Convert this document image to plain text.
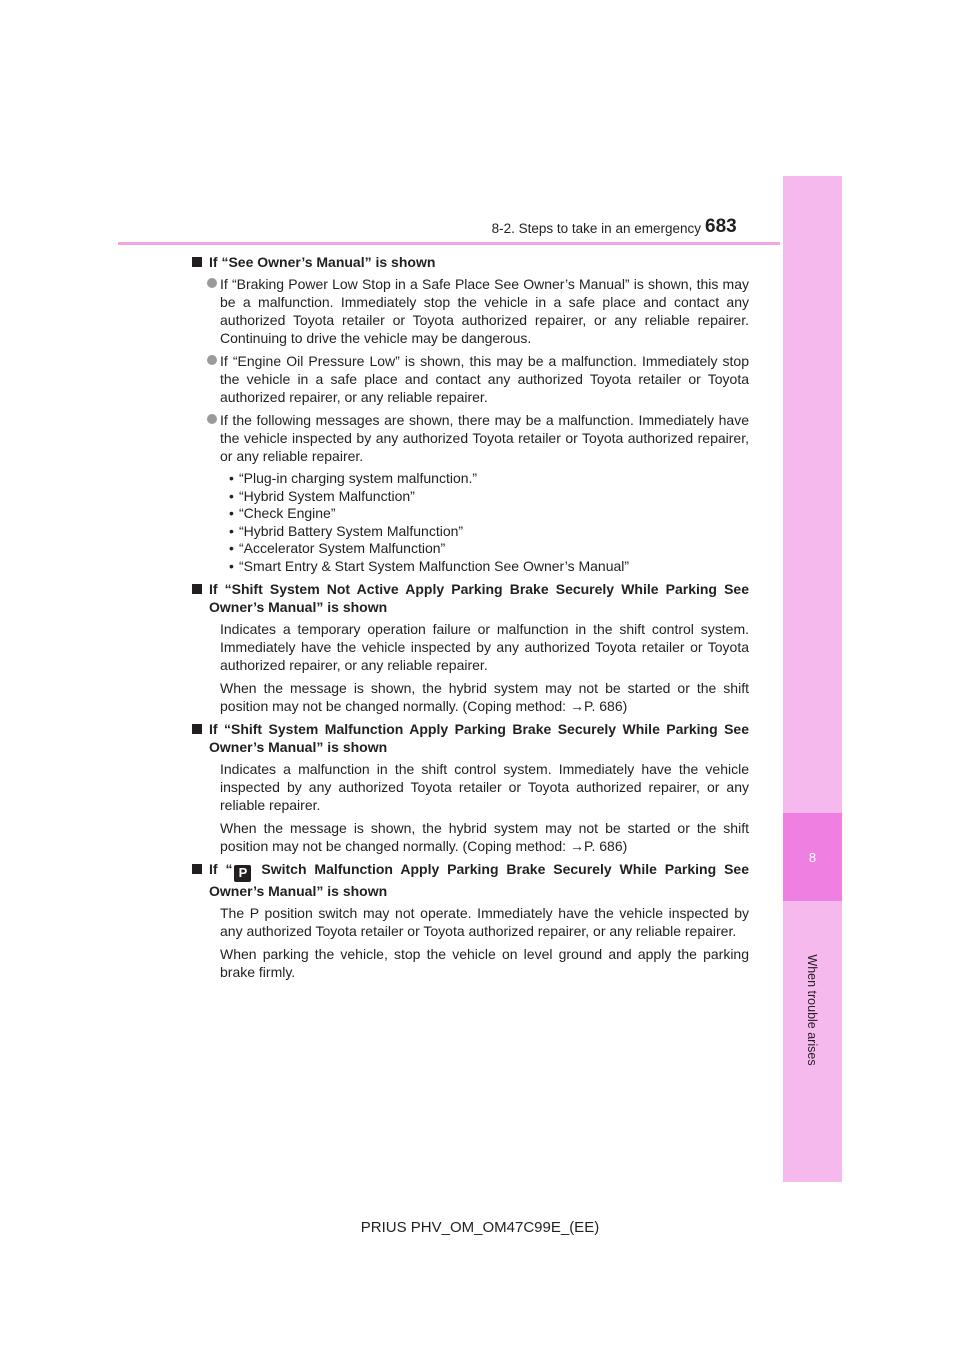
8
When trouble arises
8-2. Steps to take in an emergency 683
If “See Owner’s Manual” is shown
If “Braking Power Low Stop in a Safe Place See Owner’s Manual” is shown, this may be a malfunction. Immediately stop the vehicle in a safe place and contact any authorized Toyota retailer or Toyota authorized repairer, or any reliable repairer. Continuing to drive the vehicle may be dangerous.
If “Engine Oil Pressure Low” is shown, this may be a malfunction. Immediately stop the vehicle in a safe place and contact any authorized Toyota retailer or Toyota authorized repairer, or any reliable repairer.
If the following messages are shown, there may be a malfunction. Immediately have the vehicle inspected by any authorized Toyota retailer or Toyota authorized repairer, or any reliable repairer.
• “Plug-in charging system malfunction.”
• “Hybrid System Malfunction”
• “Check Engine”
• “Hybrid Battery System Malfunction”
• “Accelerator System Malfunction”
• “Smart Entry & Start System Malfunction See Owner’s Manual”
If “Shift System Not Active Apply Parking Brake Securely While Parking See Owner’s Manual” is shown
Indicates a temporary operation failure or malfunction in the shift control system. Immediately have the vehicle inspected by any authorized Toyota retailer or Toyota authorized repairer, or any reliable repairer.
When the message is shown, the hybrid system may not be started or the shift position may not be changed normally. (Coping method: →P. 686)
If “Shift System Malfunction Apply Parking Brake Securely While Parking See Owner’s Manual” is shown
Indicates a malfunction in the shift control system. Immediately have the vehicle inspected by any authorized Toyota retailer or Toyota authorized repairer, or any reliable repairer.
When the message is shown, the hybrid system may not be started or the shift position may not be changed normally. (Coping method: →P. 686)
If “ P Switch Malfunction Apply Parking Brake Securely While Parking See Owner’s Manual” is shown
The P position switch may not operate. Immediately have the vehicle inspected by any authorized Toyota retailer or Toyota authorized repairer, or any reliable repairer.
When parking the vehicle, stop the vehicle on level ground and apply the parking brake firmly.
PRIUS PHV_OM_OM47C99E_(EE)
